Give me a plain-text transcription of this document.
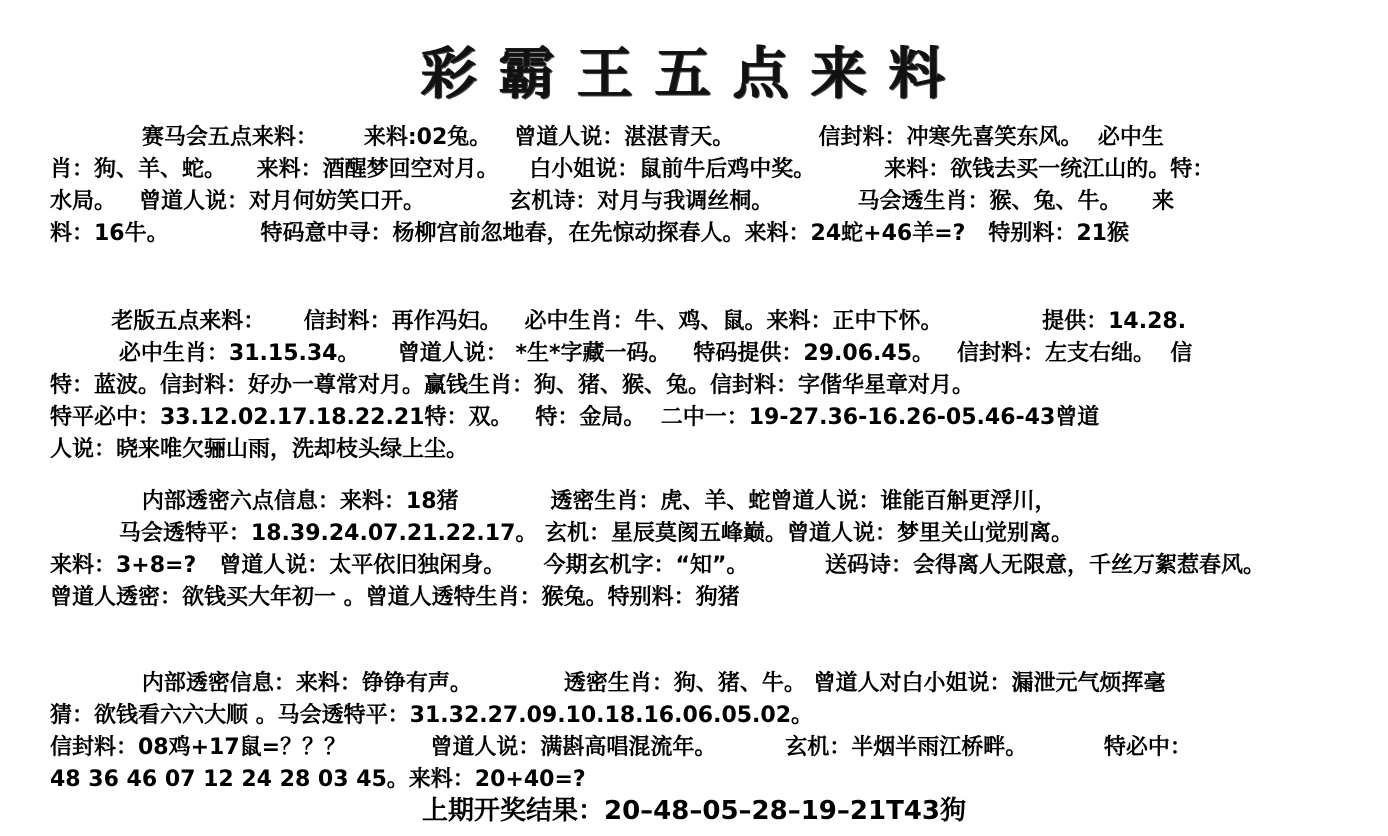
彩霸王五点来料
赛马会五点来料：      来料:02兔。   曾道人说：湛湛青天。           信封料：冲寒先喜笑东风。  必中生
肖：狗、羊、蛇。    来料：酒醒梦回空对月。    白小姐说：鼠前牛后鸡中奖。         来料：欲钱去买一统江山的。特：
水局。   曾道人说：对月何妨笑口开。           玄机诗：对月与我调丝桐。           马会透生肖：猴、兔、牛。    来
料：16牛。            特码意中寻：杨柳宫前忽地春，在先惊动探春人。来料：24蛇+46羊=?   特别料：21猴
老版五点来料：     信封料：再作冯妇。   必中生肖：牛、鸡、鼠。来料：正中下怀。             提供：14.28.
必中生肖：31.15.34。     曾道人说： *生*字藏一码。   特码提供：29.06.45。   信封料：左支右绌。  信
特：蓝波。信封料：好办一尊常对月。赢钱生肖：狗、猪、猴、兔。信封料：字偕华星章对月。
特平必中：33.12.02.17.18.22.21特：双。   特：金局。  二中一：19-27.36-16.26-05.46-43曾道
人说：晓来唯欠骊山雨，洗却枝头绿上尘。
内部透密六点信息：来料：18猪            透密生肖：虎、羊、蛇曾道人说：谁能百斛更浮川，
马会透特平：18.39.24.07.21.22.17。 玄机：星辰莫阂五峰巅。曾道人说：梦里关山觉别离。
来料：3+8=?   曾道人说：太平依旧独闲身。     今期玄机字：“知”。          送码诗：会得离人无限意，千丝万絮惹春风。
曾道人透密：欲钱买大年初一 。曾道人透特生肖：猴兔。特别料：狗猪
内部透密信息：来料：铮铮有声。            透密生肖：狗、猪、牛。 曾道人对白小姐说：漏泄元气烦挥毫
猜：欲钱看六六大顺 。马会透特平：31.32.27.09.10.18.16.06.05.02。
信封料：08鸡+17鼠=？？？           曾道人说：满斟高唱混流年。         玄机：半烟半雨江桥畔。          特必中：
48 36 46 07 12 24 28 03 45。来料：20+40=?
上期开奖结果：20–48–05–28–19–21T43狗
